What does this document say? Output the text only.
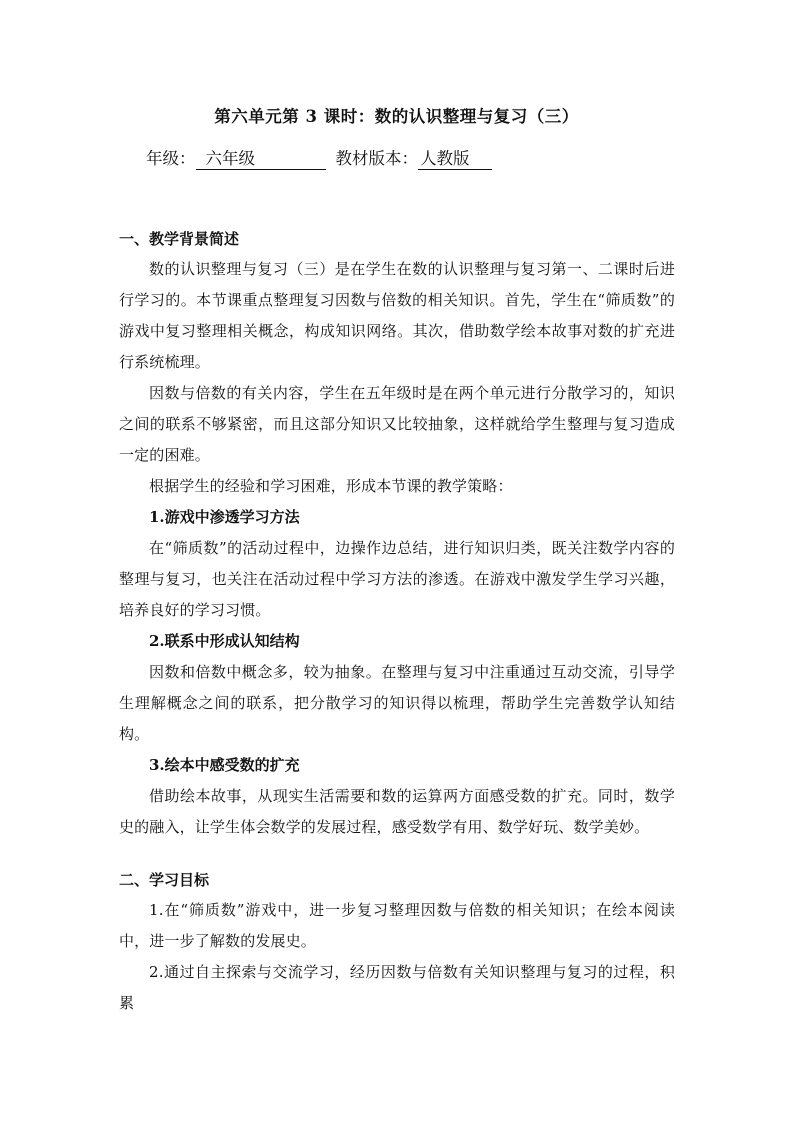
第六单元第 3 课时：数的认识整理与复习（三）
年级： 六年级	教材版本： 人教版
一、教学背景简述

数的认识整理与复习（三）是在学生在数的认识整理与复习第一、二课时后进行学习的。本节课重点整理复习因数与倍数的相关知识。首先，学生在“筛质数”的游戏中复习整理相关概念，构成知识网络。其次，借助数学绘本故事对数的扩充进行系统梳理。

因数与倍数的有关内容，学生在五年级时是在两个单元进行分散学习的，知识之间的联系不够紧密，而且这部分知识又比较抽象，这样就给学生整理与复习造成一定的困难。

根据学生的经验和学习困难，形成本节课的教学策略：

1.游戏中渗透学习方法

在“筛质数”的活动过程中，边操作边总结，进行知识归类，既关注数学内容的整理与复习，也关注在活动过程中学习方法的渗透。在游戏中激发学生学习兴趣，培养良好的学习习惯。

2.联系中形成认知结构

因数和倍数中概念多，较为抽象。在整理与复习中注重通过互动交流，引导学生理解概念之间的联系，把分散学习的知识得以梳理，帮助学生完善数学认知结构。

3.绘本中感受数的扩充

借助绘本故事，从现实生活需要和数的运算两方面感受数的扩充。同时，数学史的融入，让学生体会数学的发展过程，感受数学有用、数学好玩、数学美妙。

二、学习目标

1.在“筛质数”游戏中，进一步复习整理因数与倍数的相关知识；在绘本阅读中，进一步了解数的发展史。

2.通过自主探索与交流学习，经历因数与倍数有关知识整理与复习的过程，积累
